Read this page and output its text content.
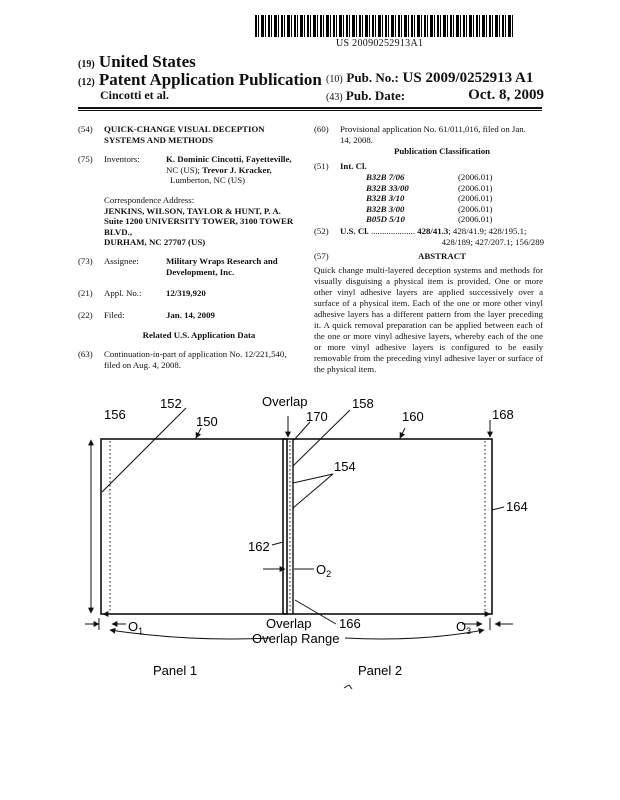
US 20090252913A1
(19) United States
(12) Patent Application Publication
Cincotti et al.
(10) Pub. No.: US 2009/0252913 A1
(43) Pub. Date:	Oct. 8, 2009
(54) QUICK-CHANGE VISUAL DECEPTION
SYSTEMS AND METHODS
(75) Inventors:	K. Dominic Cincotti, Fayetteville,
NC (US); Trevor J. Kracker,
Lumberton, NC (US)
Correspondence Address:
JENKINS, WILSON, TAYLOR & HUNT, P. A.
Suite 1200 UNIVERSITY TOWER, 3100 TOWER
BLVD.,
DURHAM, NC 27707 (US)
(73) Assignee:	Military Wraps Research and
Development, Inc.
(21) Appl. No.:	12/319,920
(22) Filed:	Jan. 14, 2009
Related U.S. Application Data
(63) Continuation-in-part of application No. 12/221,540,
filed on Aug. 4, 2008.
(60) Provisional application No. 61/011,016, filed on Jan.
14, 2008.
Publication Classification
(51) Int. Cl.
B32B 7/06	(2006.01)
B32B 33/00	(2006.01)
B32B 3/10	(2006.01)
B32B 3/00	(2006.01)
B05D 5/10	(2006.01)
(52) U.S. Cl. .................... 428/41.3; 428/41.9; 428/195.1;
428/189; 427/207.1; 156/289
(57)	ABSTRACT
Quick change multi-layered deception systems and methods for visually disguising a physical item is provided. One or more other vinyl adhesive layers are applied successively over a surface of a physical item. Each of the one or more other vinyl adhesive layers has a different pattern from the layer preceding it. A quick removal preparation can be applied between each of the one or more vinyl adhesive layers, whereby each of the one or more vinyl adhesive layers is configured to be easily removable from the preceding vinyl adhesive layer or surface of the physical item.
Overlap
156
152
150	170
158
160	168
154
164
162
$O_2$
$O_1$	$O_3$
Overlap 166
Overlap Range
Panel 1	Panel 2
